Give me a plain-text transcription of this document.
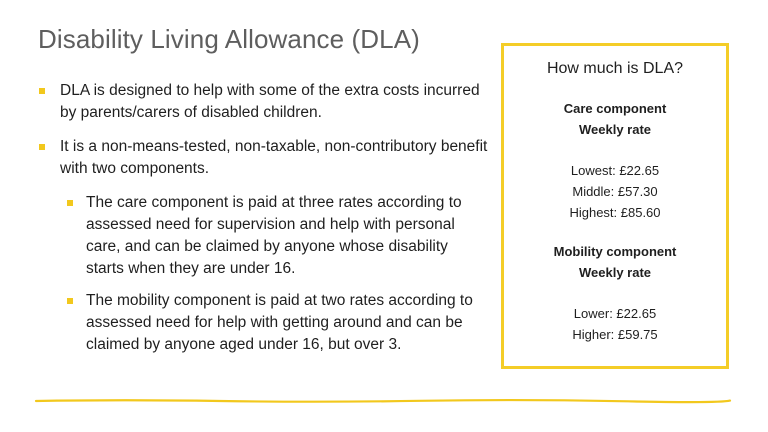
Disability Living Allowance (DLA)
DLA is designed to help with some of the extra costs incurred by parents/carers of disabled children.
It is a non-means-tested, non-taxable, non-contributory benefit with two components.
The care component is paid at three rates according to assessed need for supervision and help with personal care, and can be claimed by anyone whose disability starts when they are under 16.
The mobility component is paid at two rates according to assessed need for help with getting around and can be claimed by anyone aged under 16, but over 3.
How much is DLA?
Care component
Weekly rate
Lowest: £22.65
Middle: £57.30
Highest: £85.60
Mobility component
Weekly rate
Lower: £22.65
Higher: £59.75
